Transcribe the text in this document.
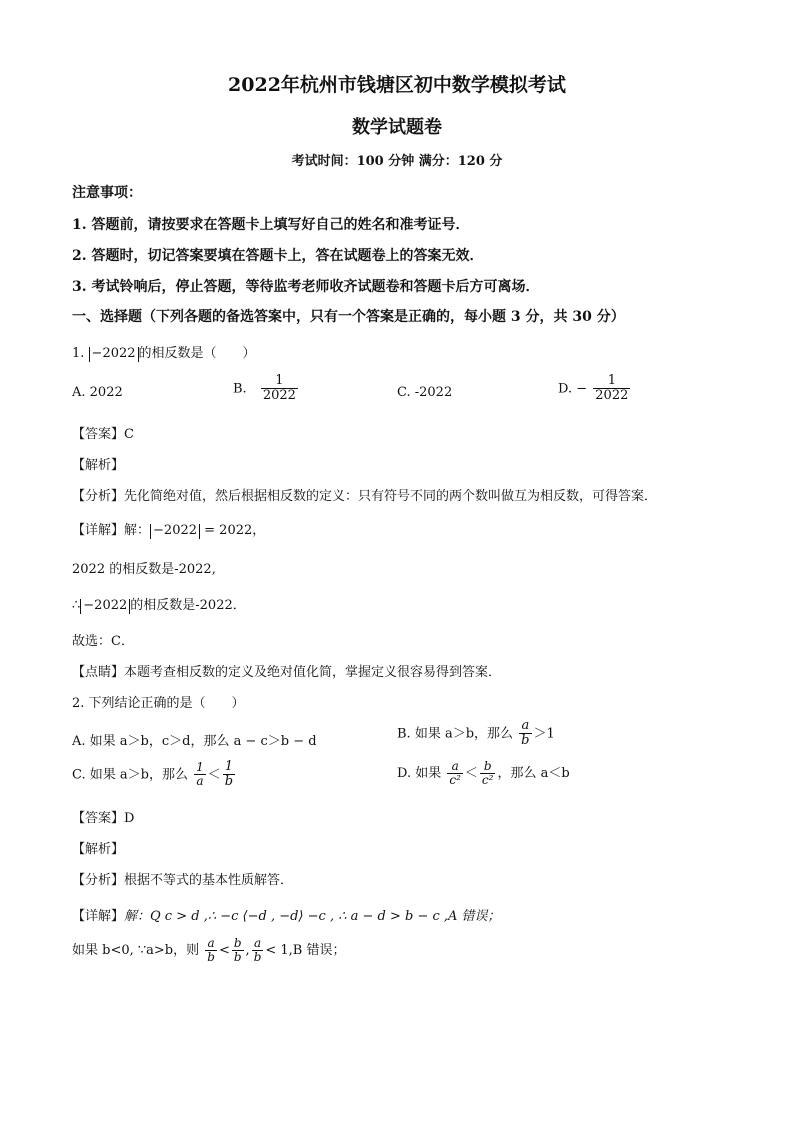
2022年杭州市钱塘区初中数学模拟考试
数学试题卷
考试时间：100 分钟 满分：120 分
注意事项：
1. 答题前，请按要求在答题卡上填写好自己的姓名和准考证号．
2. 答题时，切记答案要填在答题卡上，答在试题卷上的答案无效．
3. 考试铃响后，停止答题，等待监考老师收齐试题卷和答题卡后方可离场．
一、选择题（下列各题的备选答案中，只有一个答案是正确的，每小题 3 分，共 30 分）
1. −2022 的相反数是（　　）
A. 2022	B. $\frac{1}{2022}$	C. -2022	D. − $\frac{1}{2022}$
【答案】C
【解析】
【分析】先化简绝对值，然后根据相反数的定义：只有符号不同的两个数叫做互为相反数，可得答案．
【详解】解： −2022 = 2022，
2022 的相反数是-2022,
∴ −2022 的相反数是-2022．
故选：C．
【点睛】本题考查相反数的定义及绝对值化简，掌握定义很容易得到答案．
2. 下列结论正确的是（　　）
A. 如果 a＞b，c＞d，那么 a − c＞b − d
B. 如果 a＞b，那么 $\frac{a}{b} >1$
C. 如果 a＞b，那么 $\frac{1}{a} < \frac{1}{b}$	D. 如果 $\frac{a}{\text{c²}} < \frac{b}{\text{c²}}$ ，那么 a＜b
【答案】D
【解析】
【分析】根据不等式的基本性质解答．
【详解】解：Q c > d ,∴ −c ⟨−d , −d⟩ −c , ∴ a − d > b − c ,A 错误；
如果 b<0, ∵a>b，则 $\frac{a}{b} < \frac{b}{b}$ , $\frac{a}{b} < 1,B$ 错误；
